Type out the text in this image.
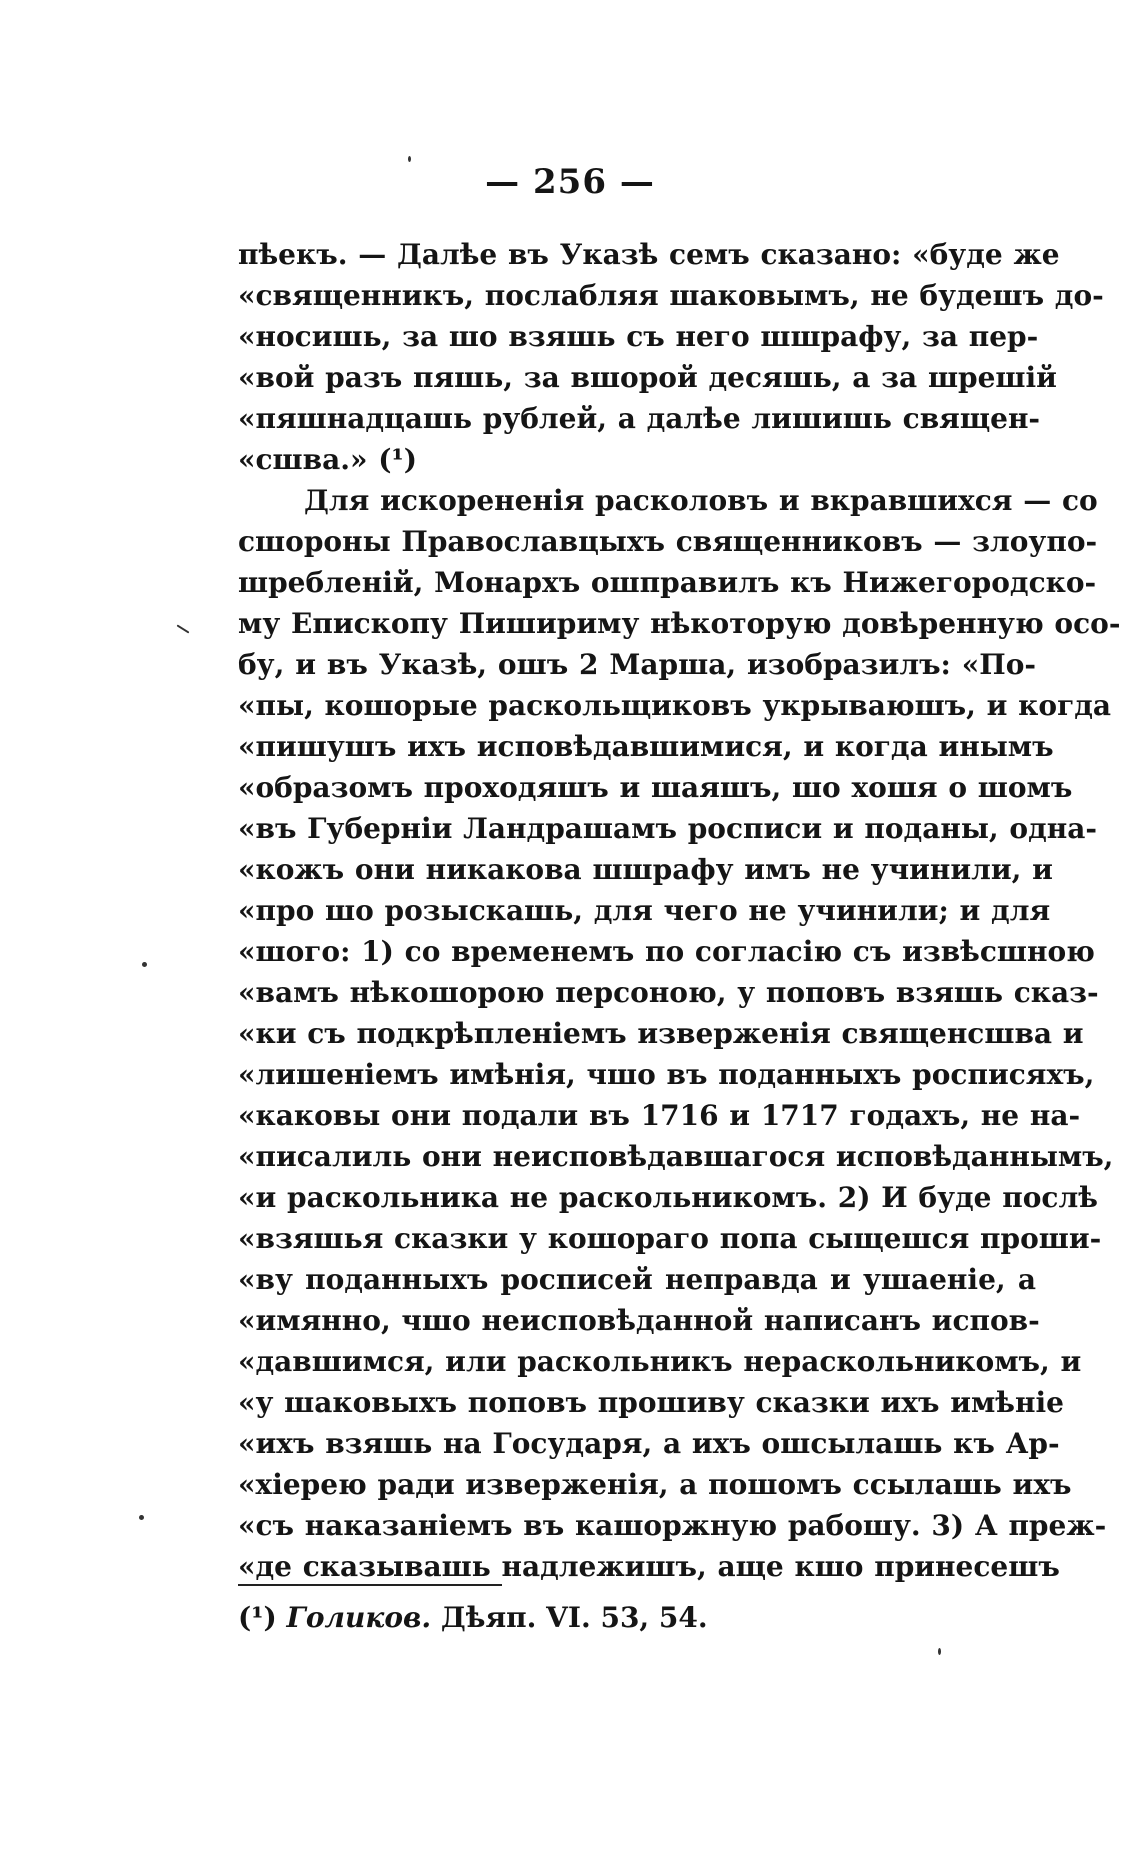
— 256 —
пѣекъ. — Далѣе въ Указѣ семъ сказано: «буде же
«священникъ, послабляя шаковымъ, не будешъ до-
«носишь, за шо взяшь съ него шшрафу, за пер-
«вой разъ пяшь, за вшорой десяшь, а за шрешій
«пяшнадцашь рублей, а далѣе лишишь священ-
«сшва.» (¹)
Для искорененія расколовъ и вкравшихся — со
сшороны Православцыхъ священниковъ — злоупо-
шребленій, Монархъ ошправилъ къ Нижегородско-
му Епископу Пишириму нѣкоторую довѣренную осо-
бу, и въ Указѣ, ошъ 2 Маршa, изобразилъ: «По-
«пы, кошорые раскольщиковъ укрываюшъ, и когда
«пишушъ ихъ исповѣдавшимися, и когда инымъ
«образомъ проходяшъ и шаяшъ, шо хошя о шомъ
«въ Губерніи Ландрашамъ росписи и поданы, одна-
«кожъ они никакова шшрафу имъ не учинили, и
«про шо розыскашь, для чего не учинили; и для
«шого: 1) со временемъ по согласію съ извѣсшною
«вамъ нѣкошорою персоною, у поповъ взяшь сказ-
«ки съ подкрѣпленіемъ изверженія священсшва и
«лишеніемъ имѣнія, чшо въ поданныхъ росписяхъ,
«каковы они подали въ 1716 и 1717 годахъ, не на-
«писалиль они неисповѣдавшагося исповѣданнымъ,
«и раскольника не раскольникомъ. 2) И буде послѣ
«взяшья сказки у кошораго попа сыщешся проши-
«ву поданныхъ росписей неправда и ушаеніе, а
«имянно, чшо неисповѣданной написанъ испов-
«давшимся, или раскольникъ нераскольникомъ, и
«у шаковыхъ поповъ прошиву сказки ихъ имѣніе
«ихъ взяшь на Государя, а ихъ ошсылашь къ Ар-
«хіерею ради изверженія, а пошомъ ссылашь ихъ
«съ наказаніемъ въ кашоржную рабошу. 3) А преж-
«де сказывашь надлежишъ, аще кшо принесешъ
(¹) Голиков. Дѣяп. VI. 53, 54.
